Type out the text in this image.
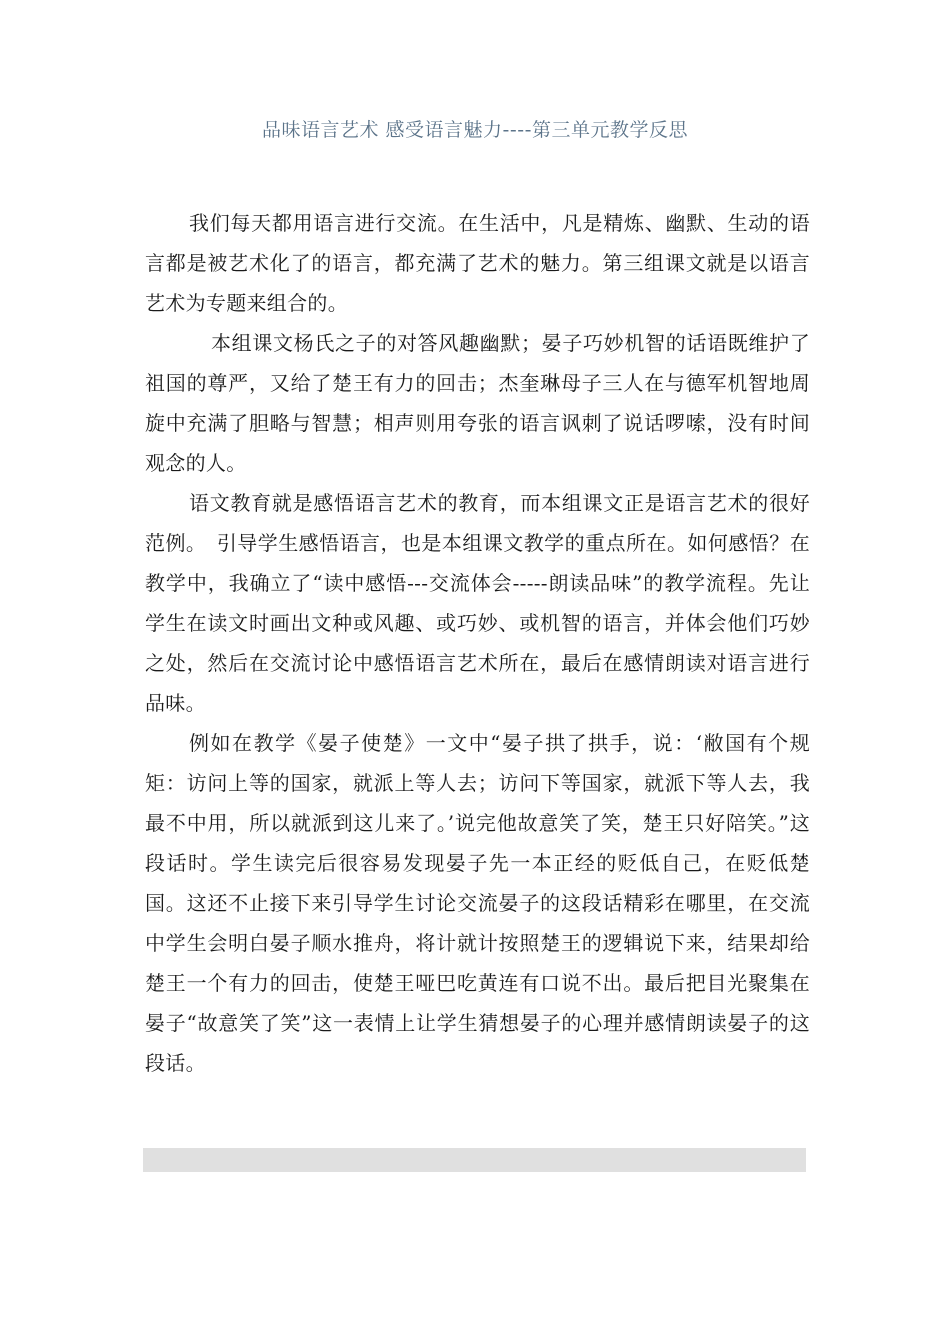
品味语言艺术 感受语言魅力----第三单元教学反思

我们每天都用语言进行交流。在生活中，凡是精炼、幽默、生动的语言都是被艺术化了的语言，都充满了艺术的魅力。第三组课文就是以语言艺术为专题来组合的。

本组课文杨氏之子的对答风趣幽默；晏子巧妙机智的话语既维护了祖国的尊严，又给了楚王有力的回击；杰奎琳母子三人在与德军机智地周旋中充满了胆略与智慧；相声则用夸张的语言讽刺了说话啰嗦，没有时间观念的人。

语文教育就是感悟语言艺术的教育，而本组课文正是语言艺术的很好范例。　引导学生感悟语言，也是本组课文教学的重点所在。如何感悟？在教学中，我确立了“读中感悟---交流体会-----朗读品味”的教学流程。先让学生在读文时画出文种或风趣、或巧妙、或机智的语言，并体会他们巧妙之处，然后在交流讨论中感悟语言艺术所在，最后在感情朗读对语言进行品味。

例如在教学《晏子使楚》一文中“晏子拱了拱手，说：‘敝国有个规矩：访问上等的国家，就派上等人去；访问下等国家，就派下等人去，我最不中用，所以就派到这儿来了。’说完他故意笑了笑，楚王只好陪笑。”这段话时。学生读完后很容易发现晏子先一本正经的贬低自己，在贬低楚国。这还不止接下来引导学生讨论交流晏子的这段话精彩在哪里，在交流中学生会明白晏子顺水推舟，将计就计按照楚王的逻辑说下来，结果却给楚王一个有力的回击，使楚王哑巴吃黄连有口说不出。最后把目光聚集在晏子“故意笑了笑”这一表情上让学生猜想晏子的心理并感情朗读晏子的这段话。
